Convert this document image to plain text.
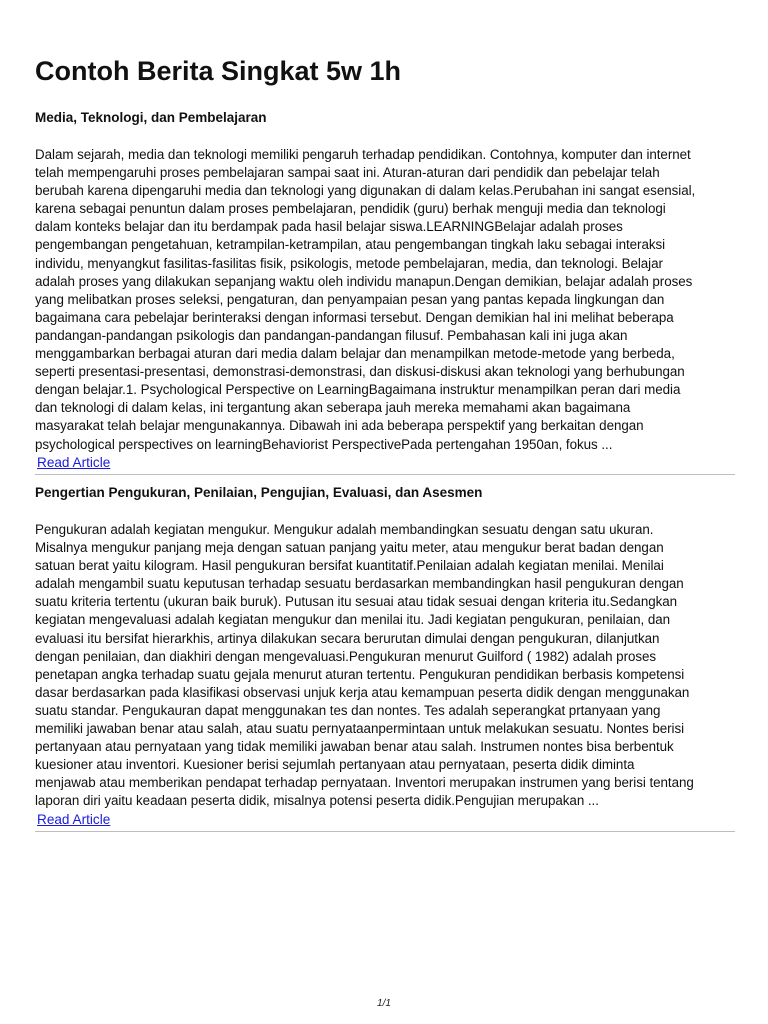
Contoh Berita Singkat 5w 1h
Media, Teknologi, dan Pembelajaran

Dalam sejarah, media dan teknologi memiliki pengaruh terhadap pendidikan. Contohnya, komputer dan internet
telah mempengaruhi proses pembelajaran sampai saat ini. Aturan-aturan dari pendidik dan pebelajar telah
berubah karena dipengaruhi media dan teknologi yang digunakan di dalam kelas.Perubahan ini sangat esensial,
karena sebagai penuntun dalam proses pembelajaran, pendidik (guru) berhak menguji media dan teknologi
dalam konteks belajar dan itu berdampak pada hasil belajar siswa.LEARNINGBelajar adalah proses
pengembangan pengetahuan, ketrampilan-ketrampilan, atau pengembangan tingkah laku sebagai interaksi
individu, menyangkut fasilitas-fasilitas fisik, psikologis, metode pembelajaran, media, dan teknologi. Belajar
adalah proses yang dilakukan sepanjang waktu oleh individu manapun.Dengan demikian, belajar adalah proses
yang melibatkan proses seleksi, pengaturan, dan penyampaian pesan yang pantas kepada lingkungan dan
bagaimana cara pebelajar berinteraksi dengan informasi tersebut. Dengan demikian hal ini melihat beberapa
pandangan-pandangan psikologis dan pandangan-pandangan filusuf. Pembahasan kali ini juga akan
menggambarkan berbagai aturan dari media dalam belajar dan menampilkan metode-metode yang berbeda,
seperti presentasi-presentasi, demonstrasi-demonstrasi, dan diskusi-diskusi akan teknologi yang berhubungan
dengan belajar.1. Psychological Perspective on LearningBagaimana instruktur menampilkan peran dari media
dan teknologi di dalam kelas, ini tergantung akan seberapa jauh mereka memahami akan bagaimana
masyarakat telah belajar mengunakannya. Dibawah ini ada beberapa perspektif yang berkaitan dengan
psychological perspectives on learningBehaviorist PerspectivePada pertengahan 1950an, fokus ...

Read Article
Pengertian Pengukuran, Penilaian, Pengujian, Evaluasi, dan Asesmen

Pengukuran adalah kegiatan mengukur. Mengukur adalah membandingkan sesuatu dengan satu ukuran.
Misalnya mengukur panjang meja dengan satuan panjang yaitu meter, atau mengukur berat badan dengan
satuan berat yaitu kilogram. Hasil pengukuran bersifat kuantitatif.Penilaian adalah kegiatan menilai. Menilai
adalah mengambil suatu keputusan terhadap sesuatu berdasarkan membandingkan hasil pengukuran dengan
suatu kriteria tertentu (ukuran baik buruk). Putusan itu sesuai atau tidak sesuai dengan kriteria itu.Sedangkan
kegiatan mengevaluasi adalah kegiatan mengukur dan menilai itu. Jadi kegiatan pengukuran, penilaian, dan
evaluasi itu bersifat hierarkhis, artinya dilakukan secara berurutan dimulai dengan pengukuran, dilanjutkan
dengan penilaian, dan diakhiri dengan mengevaluasi.Pengukuran menurut Guilford ( 1982) adalah proses
penetapan angka terhadap suatu gejala menurut aturan tertentu. Pengukuran pendidikan berbasis kompetensi
dasar berdasarkan pada klasifikasi observasi unjuk kerja atau kemampuan peserta didik dengan menggunakan
suatu standar. Pengukauran dapat menggunakan tes dan nontes. Tes adalah seperangkat prtanyaan yang
memiliki jawaban benar atau salah, atau suatu pernyataanpermintaan untuk melakukan sesuatu. Nontes berisi
pertanyaan atau pernyataan yang tidak memiliki jawaban benar atau salah. Instrumen nontes bisa berbentuk
kuesioner atau inventori. Kuesioner berisi sejumlah pertanyaan atau pernyataan, peserta didik diminta
menjawab atau memberikan pendapat terhadap pernyataan. Inventori merupakan instrumen yang berisi tentang
laporan diri yaitu keadaan peserta didik, misalnya potensi peserta didik.Pengujian merupakan ...

Read Article
1/1
